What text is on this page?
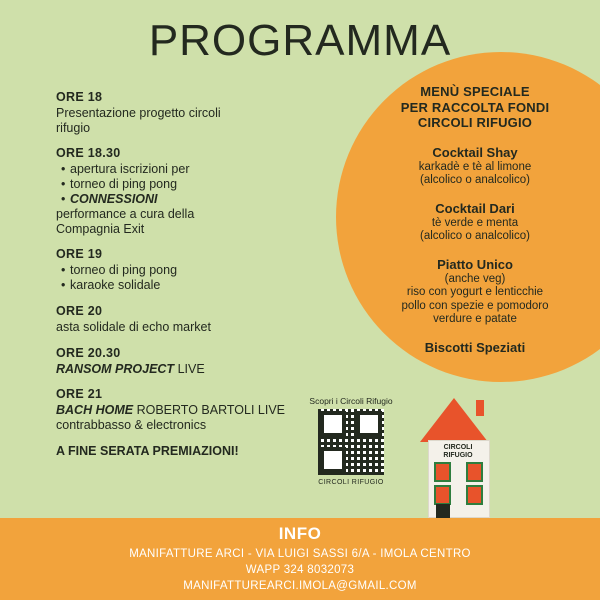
PROGRAMMA
ORE 18
Presentazione progetto circoli
rifugio
ORE 18.30
• apertura iscrizioni per
• torneo di ping pong
• CONNESSIONI
performance a cura della
Compagnia Exit
ORE 19
• torneo di ping pong
• karaoke solidale
ORE 20
asta solidale di echo market
ORE 20.30
RANSOM PROJECT LIVE
ORE 21
BACH HOME ROBERTO BARTOLI LIVE
contrabbasso & electronics
A FINE SERATA PREMIAZIONI!
MENÙ SPECIALE
PER RACCOLTA FONDI
CIRCOLI RIFUGIO
Cocktail Shay
karkadè e tè al limone
(alcolico o analcolico)
Cocktail Dari
tè verde e menta
(alcolico o analcolico)
Piatto Unico
(anche veg)
riso con yogurt e lenticchie
pollo con spezie e pomodoro
verdure e patate
Biscotti Speziati
Scopri i Circoli Rifugio
CIRCOLI RIFUGIO
CIRCOLI
RIFUGIO
INFO
MANIFATTURE ARCI - VIA LUIGI SASSI 6/A - IMOLA CENTRO
WAPP 324 8032073
MANIFATTUREARCI.IMOLA@GMAIL.COM
